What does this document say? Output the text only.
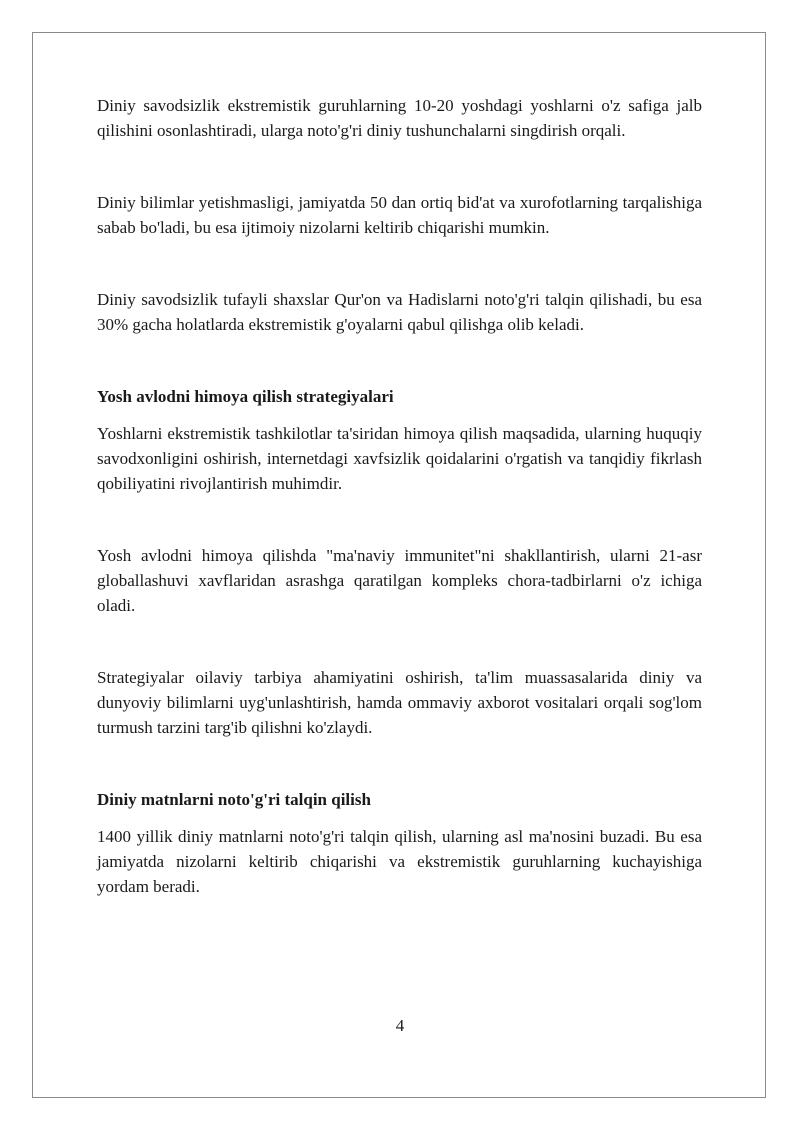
Diniy savodsizlik ekstremistik guruhlarning 10-20 yoshdagi yoshlarni o'z safiga jalb qilishini osonlashtiradi, ularga noto'g'ri diniy tushunchalarni singdirish orqali.

Diniy bilimlar yetishmasligi, jamiyatda 50 dan ortiq bid'at va xurofotlarning tarqalishiga sabab bo'ladi, bu esa ijtimoiy nizolarni keltirib chiqarishi mumkin.

Diniy savodsizlik tufayli shaxslar Qur'on va Hadislarni noto'g'ri talqin qilishadi, bu esa 30% gacha holatlarda ekstremistik g'oyalarni qabul qilishga olib keladi.

Yosh avlodni himoya qilish strategiyalari

Yoshlarni ekstremistik tashkilotlar ta'siridan himoya qilish maqsadida, ularning huquqiy savodxonligini oshirish, internetdagi xavfsizlik qoidalarini o'rgatish va tanqidiy fikrlash qobiliyatini rivojlantirish muhimdir.

Yosh avlodni himoya qilishda "ma'naviy immunitet"ni shakllantirish, ularni 21-asr globallashuvi xavflaridan asrashga qaratilgan kompleks chora-tadbirlarni o'z ichiga oladi.

Strategiyalar oilaviy tarbiya ahamiyatini oshirish, ta'lim muassasalarida diniy va dunyoviy bilimlarni uyg'unlashtirish, hamda ommaviy axborot vositalari orqali sog'lom turmush tarzini targ'ib qilishni ko'zlaydi.

Diniy matnlarni noto'g'ri talqin qilish

1400 yillik diniy matnlarni noto'g'ri talqin qilish, ularning asl ma'nosini buzadi. Bu esa jamiyatda nizolarni keltirib chiqarishi va ekstremistik guruhlarning kuchayishiga yordam beradi.

4
